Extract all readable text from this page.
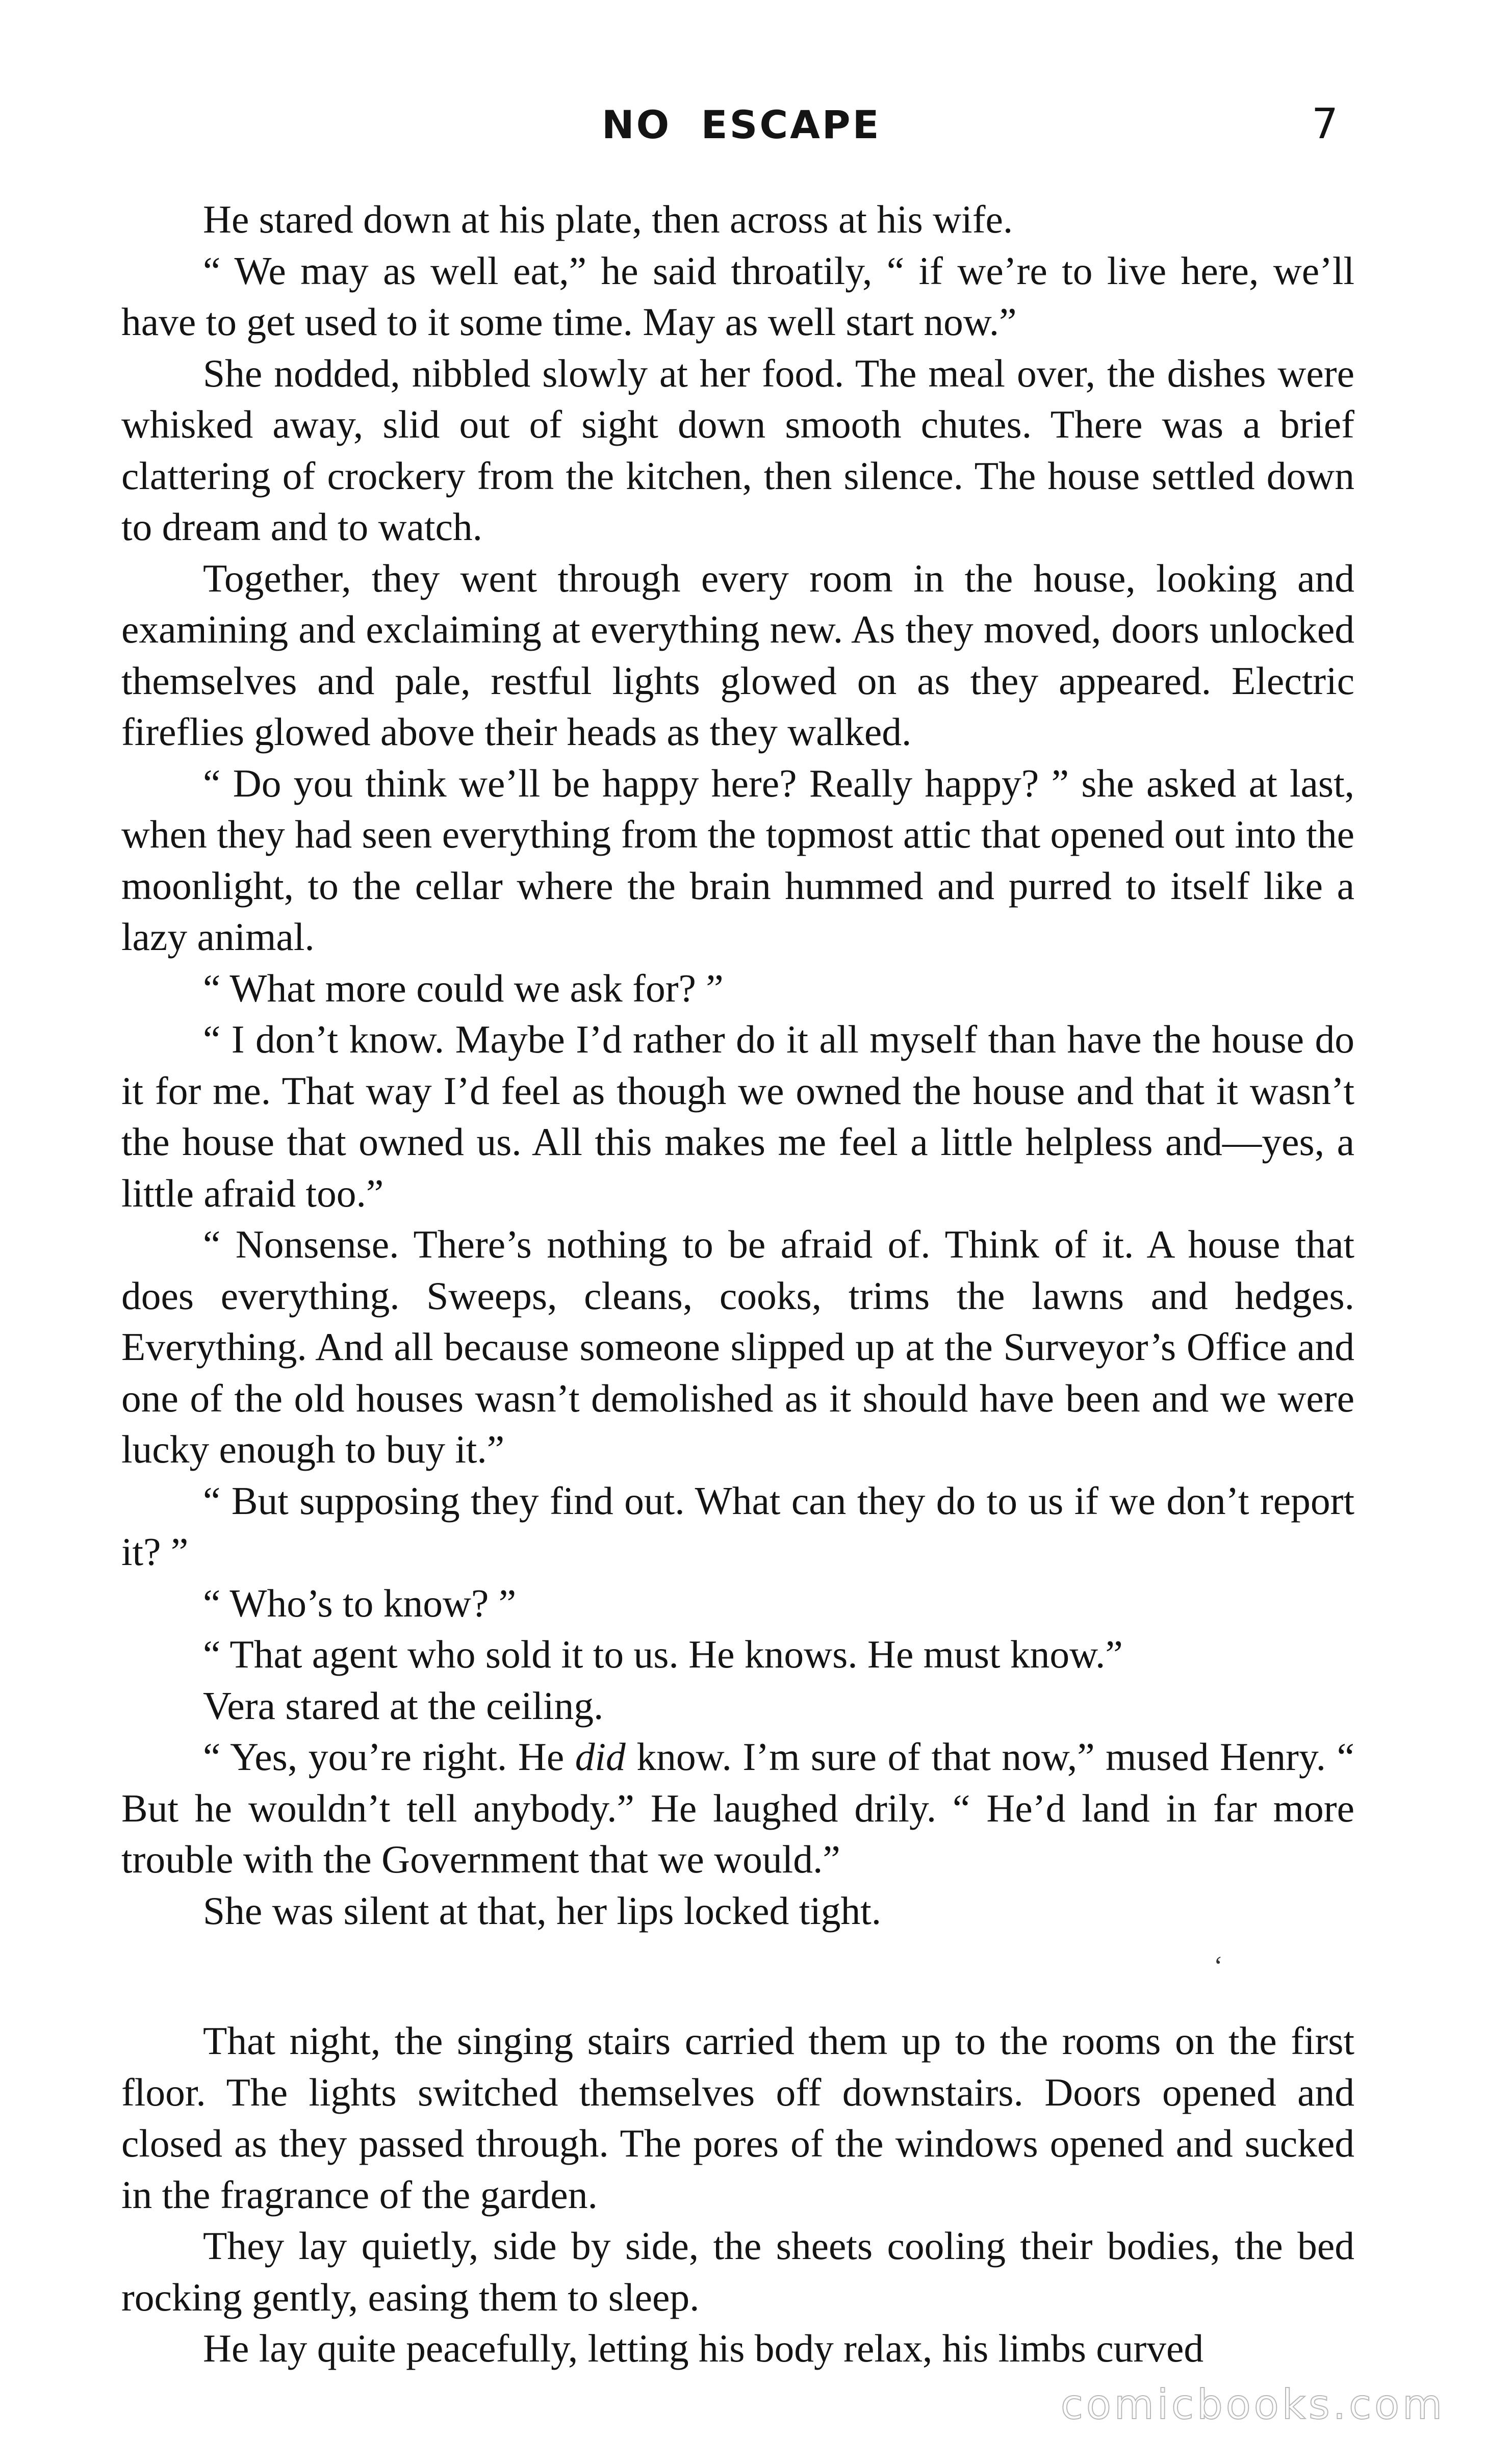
NO ESCAPE	7

He stared down at his plate, then across at his wife.

“ We may as well eat,” he said throatily, “ if we’re to live here, we’ll have to get used to it some time. May as well start now.”

She nodded, nibbled slowly at her food. The meal over, the dishes were whisked away, slid out of sight down smooth chutes. There was a brief clattering of crockery from the kitchen, then silence. The house settled down to dream and to watch.

Together, they went through every room in the house, looking and examining and exclaiming at everything new. As they moved, doors unlocked themselves and pale, restful lights glowed on as they appeared. Electric fireflies glowed above their heads as they walked.

“ Do you think we’ll be happy here? Really happy? ” she asked at last, when they had seen everything from the topmost attic that opened out into the moonlight, to the cellar where the brain hummed and purred to itself like a lazy animal.

“ What more could we ask for? ”

“ I don’t know. Maybe I’d rather do it all myself than have the house do it for me. That way I’d feel as though we owned the house and that it wasn’t the house that owned us. All this makes me feel a little helpless and—yes, a little afraid too.”

“ Nonsense. There’s nothing to be afraid of. Think of it. A house that does everything. Sweeps, cleans, cooks, trims the lawns and hedges. Everything. And all because someone slipped up at the Surveyor’s Office and one of the old houses wasn’t demolished as it should have been and we were lucky enough to buy it.”

“ But supposing they find out. What can they do to us if we don’t report it? ”

“ Who’s to know? ”

“ That agent who sold it to us. He knows. He must know.”

Vera stared at the ceiling.

“ Yes, you’re right. He did know. I’m sure of that now,” mused Henry. “ But he wouldn’t tell anybody.” He laughed drily. “ He’d land in far more trouble with the Government that we would.”

She was silent at that, her lips locked tight.

‘

That night, the singing stairs carried them up to the rooms on the first floor. The lights switched themselves off downstairs. Doors opened and closed as they passed through. The pores of the windows opened and sucked in the fragrance of the garden.

They lay quietly, side by side, the sheets cooling their bodies, the bed rocking gently, easing them to sleep.

He lay quite peacefully, letting his body relax, his limbs curved

comicbooks.com
